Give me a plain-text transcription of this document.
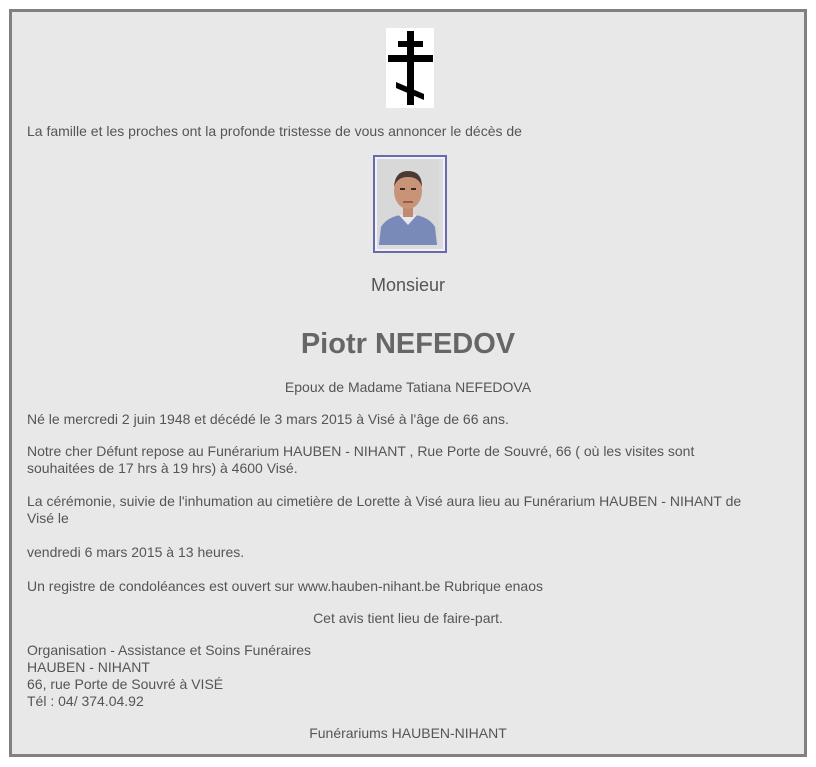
La famille et les proches ont la profonde tristesse de vous annoncer le décès de

Monsieur

Piotr NEFEDOV

Epoux de Madame Tatiana NEFEDOVA

Né le mercredi 2 juin 1948 et décédé le 3 mars 2015 à Visé à l'âge de 66 ans.

Notre cher Défunt repose au Funérarium HAUBEN - NIHANT , Rue Porte de Souvré, 66 ( où les visites sont

souhaitées de 17 hrs à 19 hrs) à 4600 Visé.

La cérémonie, suivie de l'inhumation au cimetière de Lorette à Visé aura lieu au Funérarium HAUBEN - NIHANT de

Visé le

vendredi 6 mars 2015 à 13 heures.

Un registre de condoléances est ouvert sur www.hauben-nihant.be Rubrique enaos

Cet avis tient lieu de faire-part.

Organisation - Assistance et Soins Funéraires

HAUBEN - NIHANT

66, rue Porte de Souvré à VISÉ

Tél : 04/ 374.04.92

Funérariums HAUBEN-NIHANT
